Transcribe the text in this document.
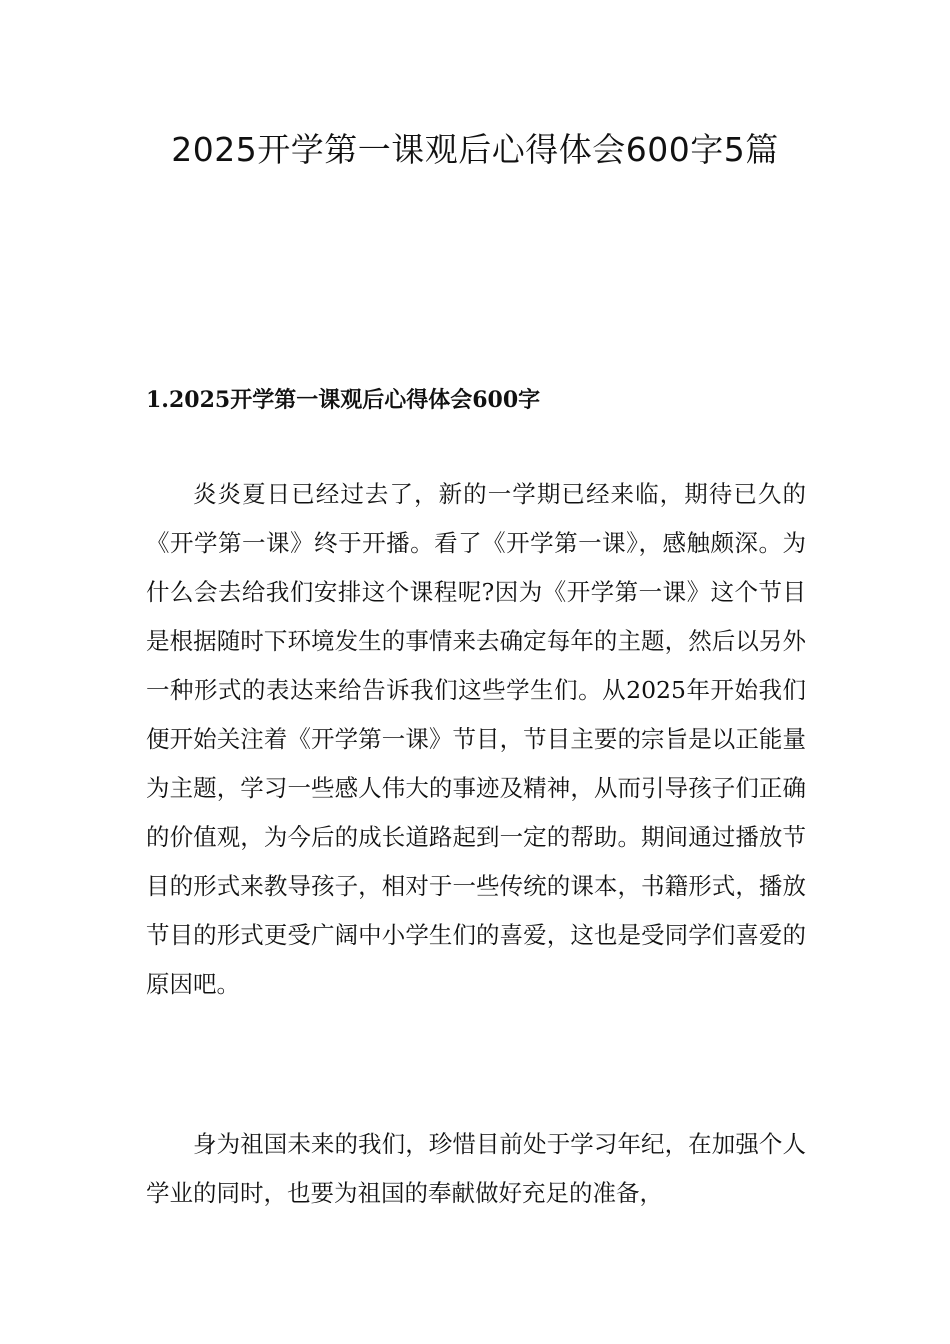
2025开学第一课观后心得体会600字5篇
1.2025开学第一课观后心得体会600字

炎炎夏日已经过去了，新的一学期已经来临，期待已久的《开学第一课》终于开播。看了《开学第一课》，感触颇深。为什么会去给我们安排这个课程呢?因为《开学第一课》这个节目是根据随时下环境发生的事情来去确定每年的主题，然后以另外一种形式的表达来给告诉我们这些学生们。从2025年开始我们便开始关注着《开学第一课》节目，节目主要的宗旨是以正能量为主题，学习一些感人伟大的事迹及精神，从而引导孩子们正确的价值观，为今后的成长道路起到一定的帮助。期间通过播放节目的形式来教导孩子，相对于一些传统的课本，书籍形式，播放节目的形式更受广阔中小学生们的喜爱，这也是受同学们喜爱的原因吧。

身为祖国未来的我们，珍惜目前处于学习年纪，在加强个人学业的同时，也要为祖国的奉献做好充足的准备，
